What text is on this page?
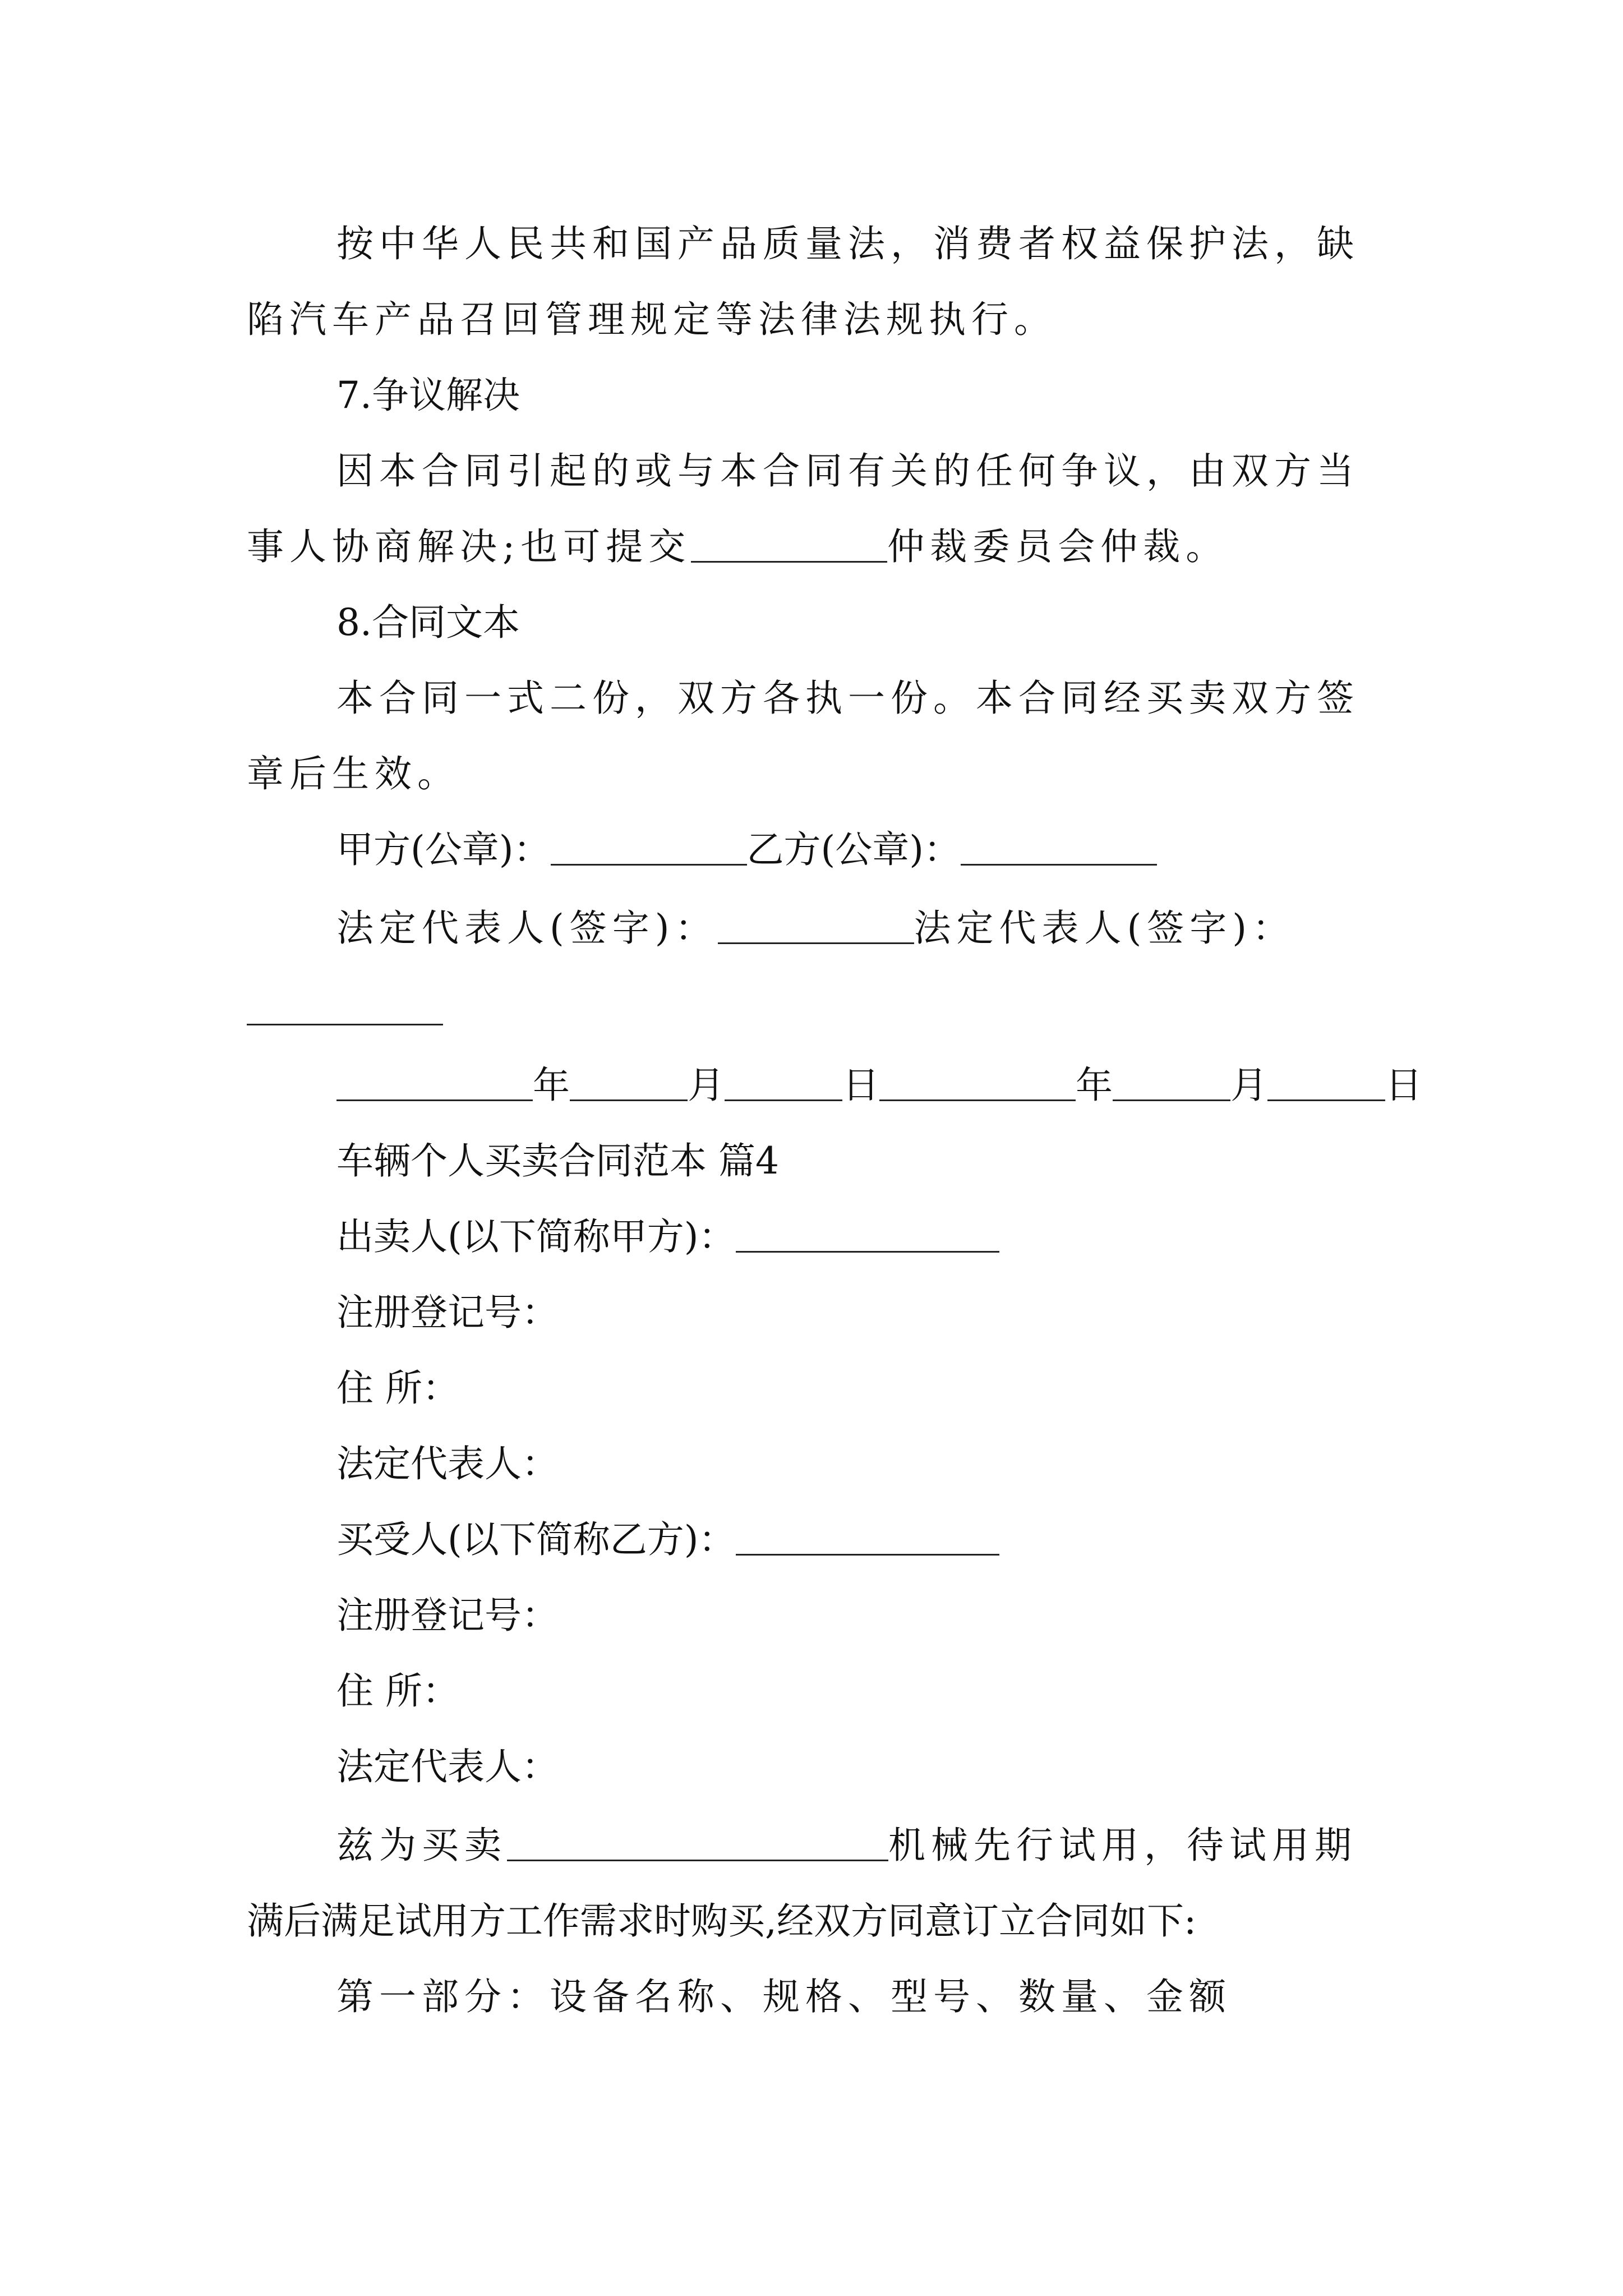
按中华人民共和国产品质量法，消费者权益保护法，缺
陷汽车产品召回管理规定等法律法规执行。
7.争议解决
因本合同引起的或与本合同有关的任何争议，由双方当
事人协商解决;也可提交	仲裁委员会仲裁。
8.合同文本
本合同一式二份，双方各执一份。本合同经买卖双方签
章后生效。
甲方(公章)：	乙方(公章)：
法定代表人(签字)：	法定代表人(签字)：
年	月	日	年	月	日
车辆个人买卖合同范本 篇4
出卖人(以下简称甲方)：
注册登记号：
住 所：
法定代表人：
买受人(以下简称乙方)：
注册登记号：
住 所：
法定代表人：
兹为买卖	机械先行试用，待试用期
满后满足试用方工作需求时购买,经双方同意订立合同如下:
第一部分：设备名称、规格、型号、数量、金额
